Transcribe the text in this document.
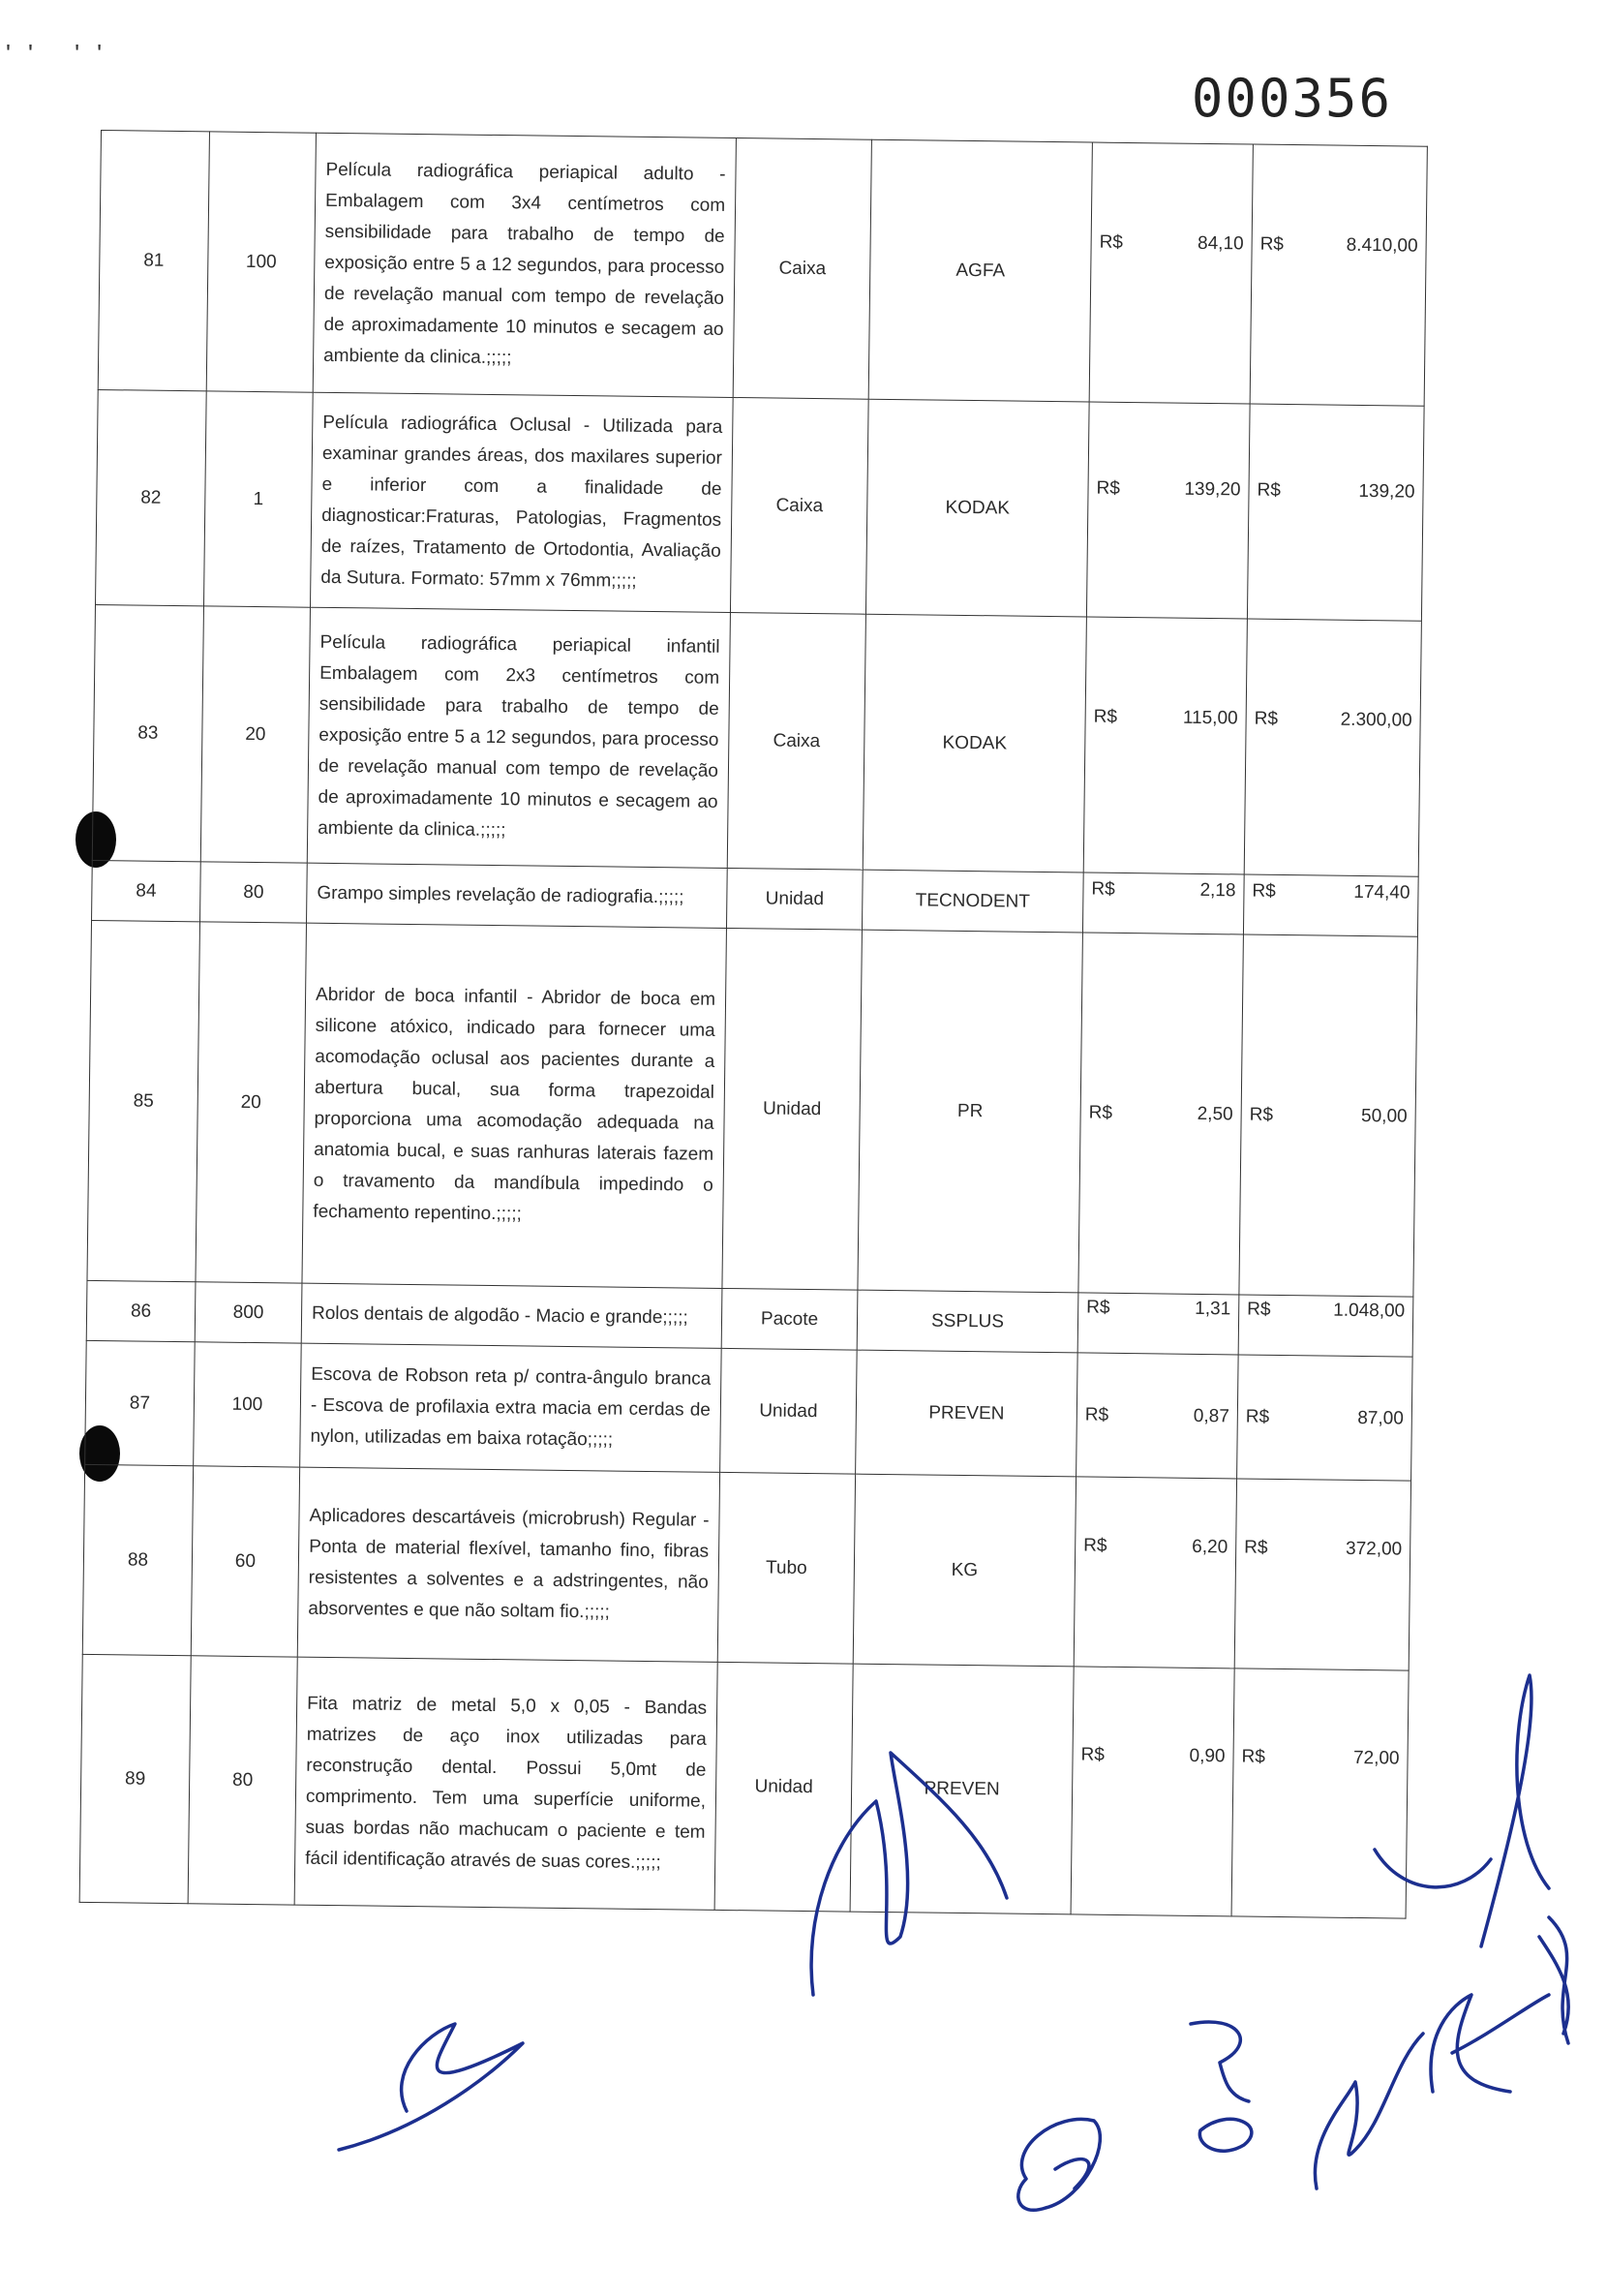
'' ''
000356
81	100	Película radiográfica periapical adulto - Embalagem com 3x4 centímetros com sensibilidade para trabalho de tempo de exposição entre 5 a 12 segundos, para processo de revelação manual com tempo de revelação de aproximadamente 10 minutos e secagem ao ambiente da clinica.;;;;;	Caixa	AGFA	R$ 84,10	R$ 8.410,00

82	1	Película radiográfica Oclusal - Utilizada para examinar grandes áreas, dos maxilares superior e inferior com a finalidade de diagnosticar:Fraturas, Patologias, Fragmentos de raízes, Tratamento de Ortodontia, Avaliação da Sutura. Formato: 57mm x 76mm;;;;;	Caixa	KODAK	R$ 139,20	R$ 139,20

83	20	Película radiográfica periapical infantil Embalagem com 2x3 centímetros com sensibilidade para trabalho de tempo de exposição entre 5 a 12 segundos, para processo de revelação manual com tempo de revelação de aproximadamente 10 minutos e secagem ao ambiente da clinica.;;;;;	Caixa	KODAK	R$ 115,00	R$ 2.300,00

84	80	Grampo simples revelação de radiografia.;;;;;	Unidad	TECNODENT	R$ 2,18	R$ 174,40

85	20	Abridor de boca infantil - Abridor de boca em silicone atóxico, indicado para fornecer uma acomodação oclusal aos pacientes durante a abertura bucal, sua forma trapezoidal proporciona uma acomodação adequada na anatomia bucal, e suas ranhuras laterais fazem o travamento da mandíbula impedindo o fechamento repentino.;;;;;	Unidad	PR	R$ 2,50	R$ 50,00

86	800	Rolos dentais de algodão - Macio e grande;;;;;	Pacote	SSPLUS	R$ 1,31	R$ 1.048,00

87	100	Escova de Robson reta p/ contra-ângulo branca - Escova de profilaxia extra macia em cerdas de nylon, utilizadas em baixa rotação;;;;;	Unidad	PREVEN	R$ 0,87	R$ 87,00

88	60	Aplicadores descartáveis (microbrush) Regular - Ponta de material flexível, tamanho fino, fibras resistentes a solventes e a adstringentes, não absorventes e que não soltam fio.;;;;;	Tubo	KG	R$ 6,20	R$ 372,00

89	80	Fita matriz de metal 5,0 x 0,05 - Bandas matrizes de aço inox utilizadas para reconstrução dental. Possui 5,0mt de comprimento. Tem uma superfície uniforme, suas bordas não machucam o paciente e tem fácil identificação através de suas cores.;;;;;	Unidad	PREVEN	R$ 0,90	R$ 72,00
